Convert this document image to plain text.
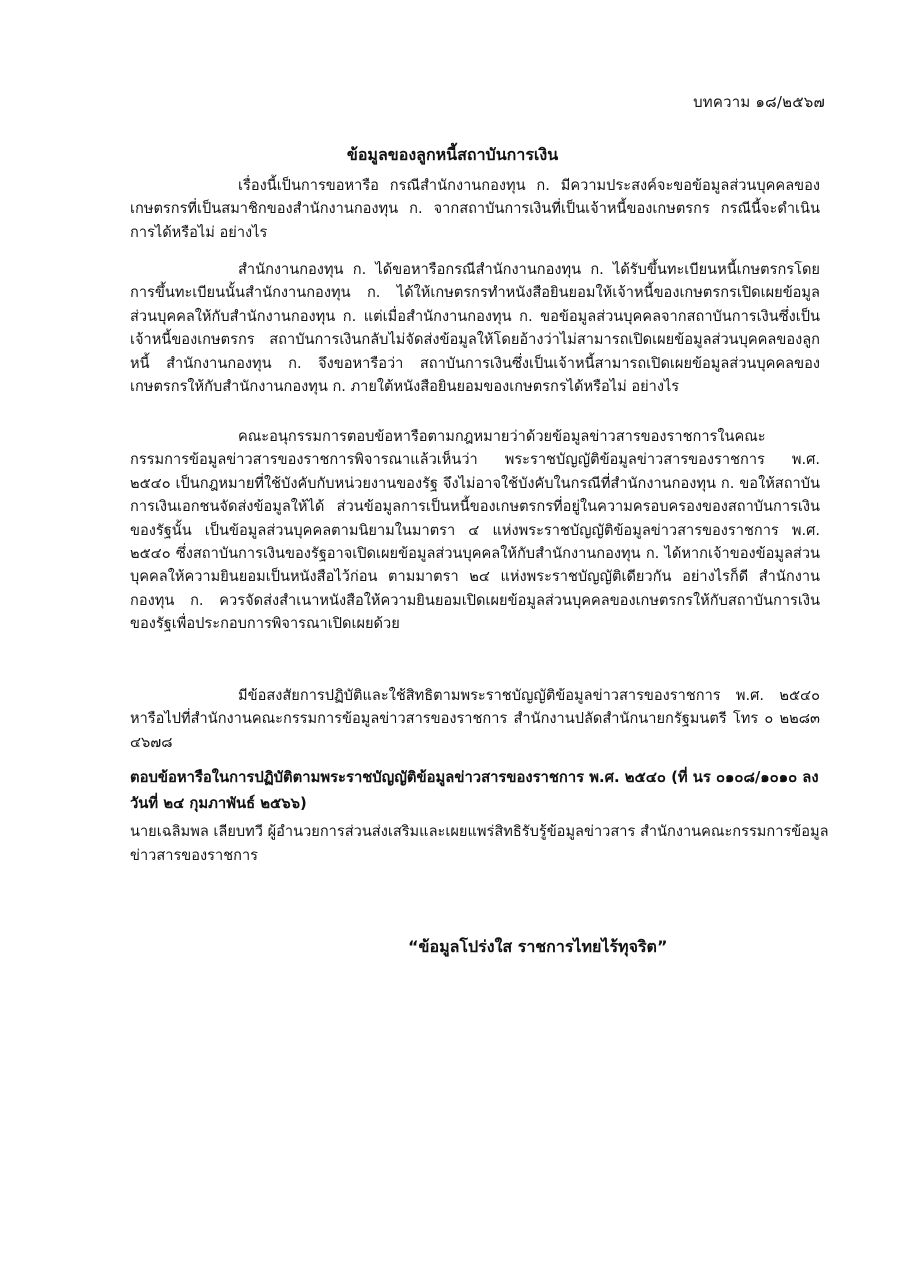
บทความ ๑๘/๒๕๖๗
ข้อมูลของลูกหนี้สถาบันการเงิน

เรื่องนี้เป็นการขอหารือ กรณีสำนักงานกองทุน ก. มีความประสงค์จะขอข้อมูลส่วนบุคคลของเกษตรกรที่เป็นสมาชิกของสำนักงานกองทุน ก. จากสถาบันการเงินที่เป็นเจ้าหนี้ของเกษตรกร กรณีนี้จะดำเนินการได้หรือไม่ อย่างไร

สำนักงานกองทุน ก. ได้ขอหารือกรณีสำนักงานกองทุน ก. ได้รับขึ้นทะเบียนหนี้เกษตรกรโดยการขึ้นทะเบียนนั้นสำนักงานกองทุน ก. ได้ให้เกษตรกรทำหนังสือยินยอมให้เจ้าหนี้ของเกษตรกรเปิดเผยข้อมูลส่วนบุคคลให้กับสำนักงานกองทุน ก. แต่เมื่อสำนักงานกองทุน ก. ขอข้อมูลส่วนบุคคลจากสถาบันการเงินซึ่งเป็นเจ้าหนี้ของเกษตรกร สถาบันการเงินกลับไม่จัดส่งข้อมูลให้โดยอ้างว่าไม่สามารถเปิดเผยข้อมูลส่วนบุคคลของลูกหนี้ สำนักงานกองทุน ก. จึงขอหารือว่า สถาบันการเงินซึ่งเป็นเจ้าหนี้สามารถเปิดเผยข้อมูลส่วนบุคคลของเกษตรกรให้กับสำนักงานกองทุน ก. ภายใต้หนังสือยินยอมของเกษตรกรได้หรือไม่ อย่างไร

คณะอนุกรรมการตอบข้อหารือตามกฎหมายว่าด้วยข้อมูลข่าวสารของราชการในคณะกรรมการข้อมูลข่าวสารของราชการพิจารณาแล้วเห็นว่า พระราชบัญญัติข้อมูลข่าวสารของราชการ พ.ศ. ๒๕๔๐ เป็นกฎหมายที่ใช้บังคับกับหน่วยงานของรัฐ จึงไม่อาจใช้บังคับในกรณีที่สำนักงานกองทุน ก. ขอให้สถาบันการเงินเอกชนจัดส่งข้อมูลให้ได้ ส่วนข้อมูลการเป็นหนี้ของเกษตรกรที่อยู่ในความครอบครองของสถาบันการเงินของรัฐนั้น เป็นข้อมูลส่วนบุคคลตามนิยามในมาตรา ๔ แห่งพระราชบัญญัติข้อมูลข่าวสารของราชการ พ.ศ. ๒๕๔๐ ซึ่งสถาบันการเงินของรัฐอาจเปิดเผยข้อมูลส่วนบุคคลให้กับสำนักงานกองทุน ก. ได้หากเจ้าของข้อมูลส่วนบุคคลให้ความยินยอมเป็นหนังสือไว้ก่อน ตามมาตรา ๒๔ แห่งพระราชบัญญัติเดียวกัน อย่างไรก็ดี สำนักงานกองทุน ก. ควรจัดส่งสำเนาหนังสือให้ความยินยอมเปิดเผยข้อมูลส่วนบุคคลของเกษตรกรให้กับสถาบันการเงินของรัฐเพื่อประกอบการพิจารณาเปิดเผยด้วย

มีข้อสงสัยการปฏิบัติและใช้สิทธิตามพระราชบัญญัติข้อมูลข่าวสารของราชการ พ.ศ. ๒๕๔๐ หารือไปที่สำนักงานคณะกรรมการข้อมูลข่าวสารของราชการ สำนักงานปลัดสำนักนายกรัฐมนตรี โทร ๐ ๒๒๘๓ ๔๖๗๘

ตอบข้อหารือในการปฏิบัติตามพระราชบัญญัติข้อมูลข่าวสารของราชการ พ.ศ. ๒๕๔๐ (ที่ นร ๐๑๐๘/๑๐๑๐ ลงวันที่ ๒๔ กุมภาพันธ์ ๒๕๖๖)
นายเฉลิมพล เลียบทวี ผู้อำนวยการส่วนส่งเสริมและเผยแพร่สิทธิรับรู้ข้อมูลข่าวสาร สำนักงานคณะกรรมการข้อมูลข่าวสารของราชการ
“ข้อมูลโปร่งใส ราชการไทยไร้ทุจริต”
